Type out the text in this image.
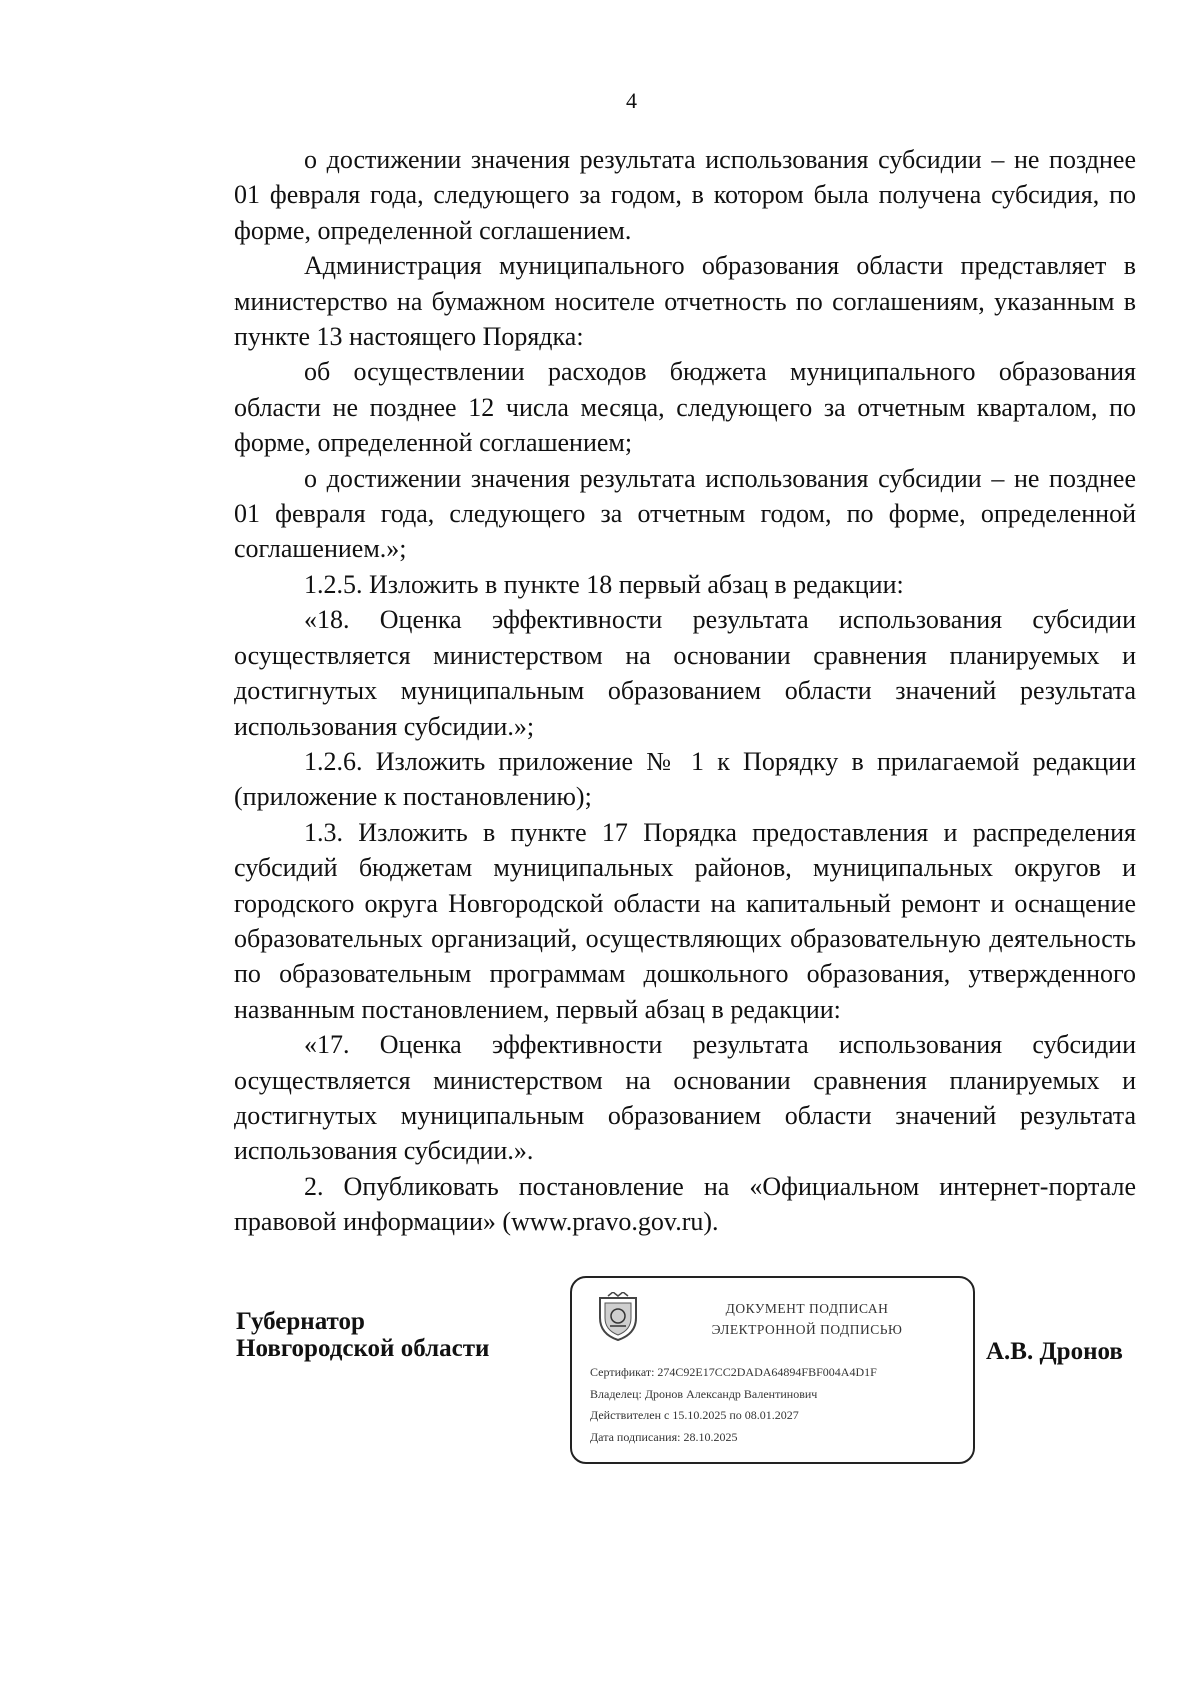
4

о достижении значения результата использования субсидии – не позднее 01 февраля года, следующего за годом, в котором была получена субсидия, по форме, определенной соглашением.

Администрация муниципального образования области представляет в министерство на бумажном носителе отчетность по соглашениям, указанным в пункте 13 настоящего Порядка:

об осуществлении расходов бюджета муниципального образования области не позднее 12 числа месяца, следующего за отчетным кварталом, по форме, определенной соглашением;

о достижении значения результата использования субсидии – не позднее 01 февраля года, следующего за отчетным годом, по форме, определенной соглашением.»;

1.2.5. Изложить в пункте 18 первый абзац в редакции:

«18. Оценка эффективности результата использования субсидии осуществляется министерством на основании сравнения планируемых и достигнутых муниципальным образованием области значений результата использования субсидии.»;

1.2.6. Изложить приложение № 1 к Порядку в прилагаемой редакции (приложение к постановлению);

1.3. Изложить в пункте 17 Порядка предоставления и распределения субсидий бюджетам муниципальных районов, муниципальных округов и городского округа Новгородской области на капитальный ремонт и оснащение образовательных организаций, осуществляющих образовательную деятельность по образовательным программам дошкольного образования, утвержденного названным постановлением, первый абзац в редакции:

«17. Оценка эффективности результата использования субсидии осуществляется министерством на основании сравнения планируемых и достигнутых муниципальным образованием области значений результата использования субсидии.».

2. Опубликовать постановление на «Официальном интернет-портале правовой информации» (www.pravo.gov.ru).

Губернатор
Новгородской области
ДОКУМЕНТ ПОДПИСАН
ЭЛЕКТРОННОЙ ПОДПИСЬЮ
Сертификат: 274C92E17CC2DADA64894FBF004A4D1F
Владелец: Дронов Александр Валентинович
Действителен с 15.10.2025 по 08.01.2027
Дата подписания: 28.10.2025
А.В. Дронов
